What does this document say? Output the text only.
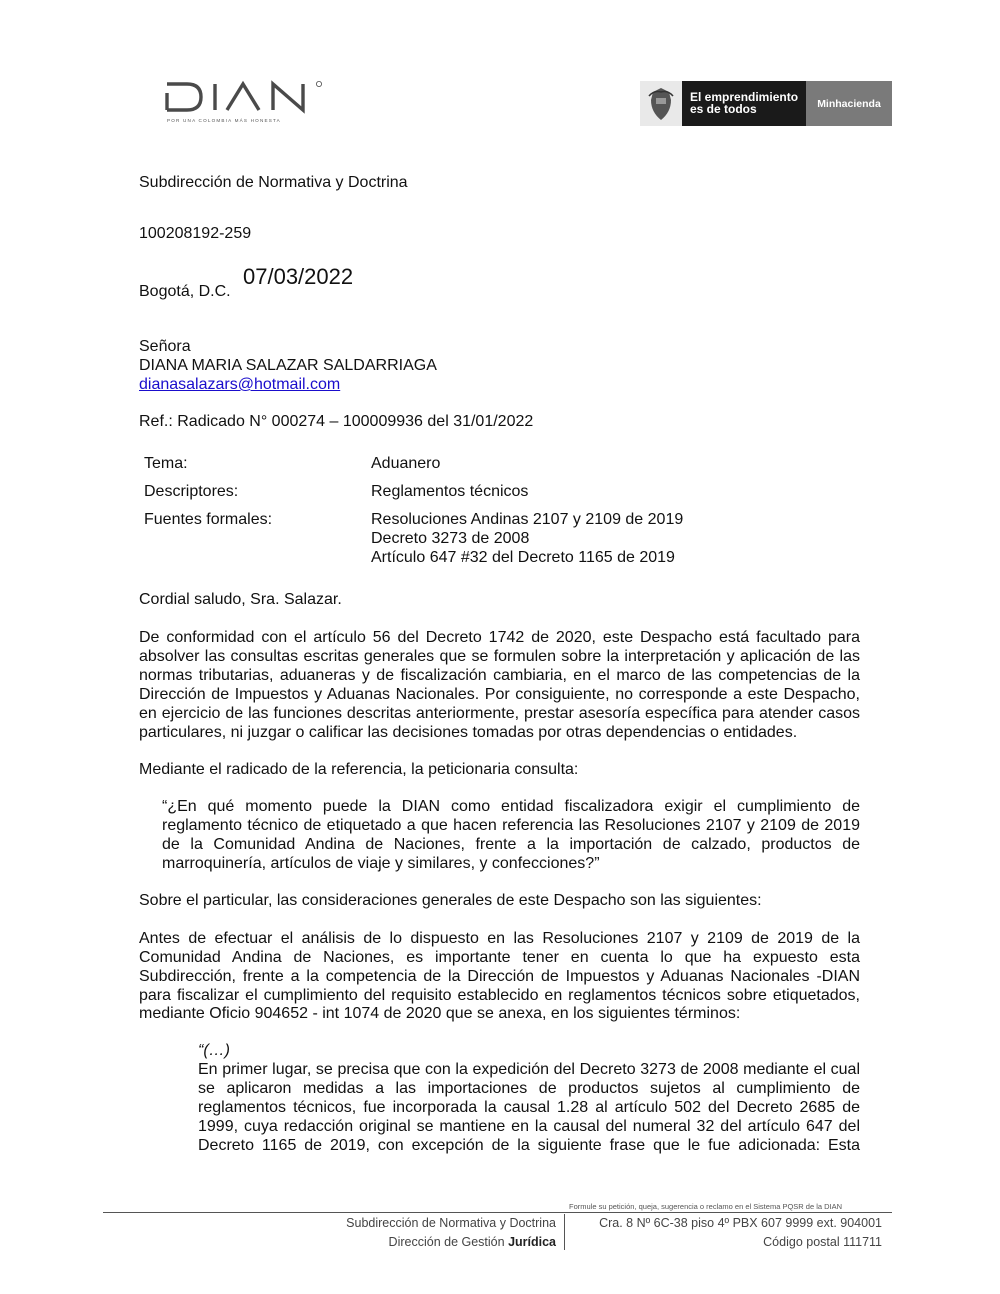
POR UNA COLOMBIA MÁS HONESTA
El emprendimiento
es de todos	Minhacienda
Subdirección de Normativa y Doctrina
100208192-259
Bogotá, D.C.
07/03/2022
Señora
DIANA MARIA SALAZAR SALDARRIAGA
dianasalazars@hotmail.com
Ref.: Radicado N° 000274 – 100009936 del 31/01/2022
Tema:	Aduanero
Descriptores:	Reglamentos técnicos
Fuentes formales:	Resoluciones Andinas 2107 y 2109 de 2019
Decreto 3273 de 2008
Artículo 647 #32 del Decreto 1165 de 2019
Cordial saludo, Sra. Salazar.
De conformidad con el artículo 56 del Decreto 1742 de 2020, este Despacho está facultado para
absolver las consultas escritas generales que se formulen sobre la interpretación y aplicación de las
normas tributarias, aduaneras y de fiscalización cambiaria, en el marco de las competencias de la
Dirección de Impuestos y Aduanas Nacionales. Por consiguiente, no corresponde a este Despacho,
en ejercicio de las funciones descritas anteriormente, prestar asesoría específica para atender casos
particulares, ni juzgar o calificar las decisiones tomadas por otras dependencias o entidades.
Mediante el radicado de la referencia, la peticionaria consulta:
“¿En qué momento puede la DIAN como entidad fiscalizadora exigir el cumplimiento de
reglamento técnico de etiquetado a que hacen referencia las Resoluciones 2107 y 2109 de 2019
de la Comunidad Andina de Naciones, frente a la importación de calzado, productos de
marroquinería, artículos de viaje y similares, y confecciones?”
Sobre el particular, las consideraciones generales de este Despacho son las siguientes:
Antes de efectuar el análisis de lo dispuesto en las Resoluciones 2107 y 2109 de 2019 de la
Comunidad Andina de Naciones, es importante tener en cuenta lo que ha expuesto esta
Subdirección, frente a la competencia de la Dirección de Impuestos y Aduanas Nacionales -DIAN
para fiscalizar el cumplimiento del requisito establecido en reglamentos técnicos sobre etiquetados,
mediante Oficio 904652 - int 1074 de 2020 que se anexa, en los siguientes términos:
“(…)
En primer lugar, se precisa que con la expedición del Decreto 3273 de 2008 mediante el cual
se aplicaron medidas a las importaciones de productos sujetos al cumplimiento de
reglamentos técnicos, fue incorporada la causal 1.28 al artículo 502 del Decreto 2685 de
1999, cuya redacción original se mantiene en la causal del numeral 32 del artículo 647 del
Decreto 1165 de 2019, con excepción de la siguiente frase que le fue adicionada: Esta
Formule su petición, queja, sugerencia o reclamo en el Sistema PQSR de la DIAN
Subdirección de Normativa y Doctrina
Dirección de Gestión Jurídica
Cra. 8 Nº 6C-38 piso 4º PBX 607 9999 ext. 904001
Código postal 111711
